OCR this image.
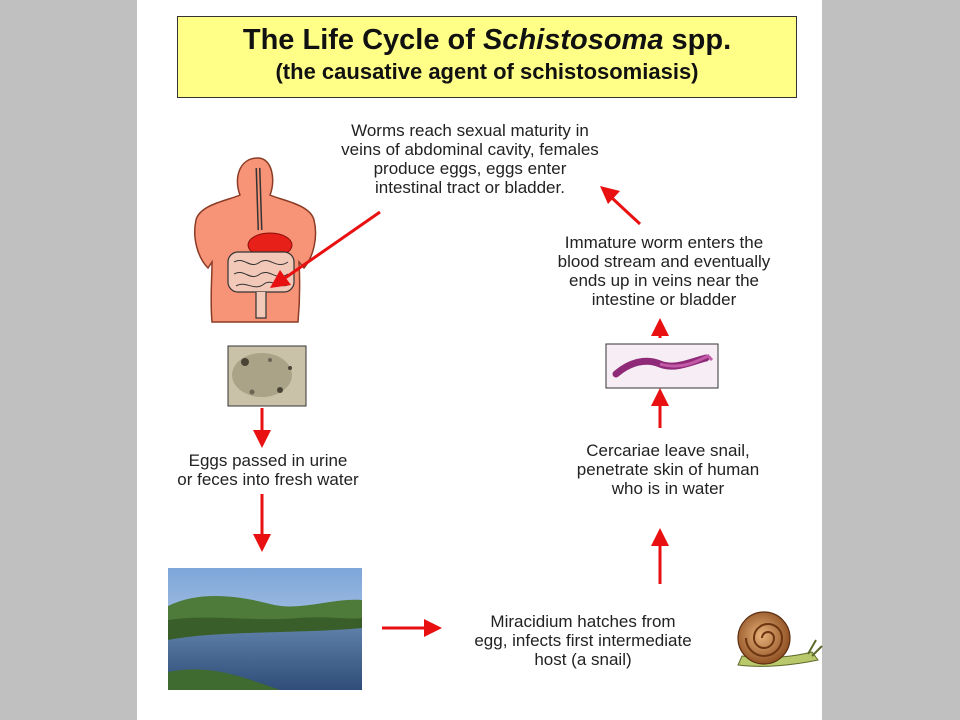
The Life Cycle of Schistosoma spp.
(the causative agent of schistosomiasis)
Worms reach sexual maturity in
veins of abdominal cavity, females
produce eggs, eggs enter
intestinal tract or bladder.
Immature worm enters the
blood stream and eventually
ends up in veins near the
intestine or bladder
Cercariae leave snail,
penetrate skin of human
who is in water
Eggs passed in urine
or feces into fresh water
Miracidium hatches from
egg, infects first intermediate
host (a snail)
